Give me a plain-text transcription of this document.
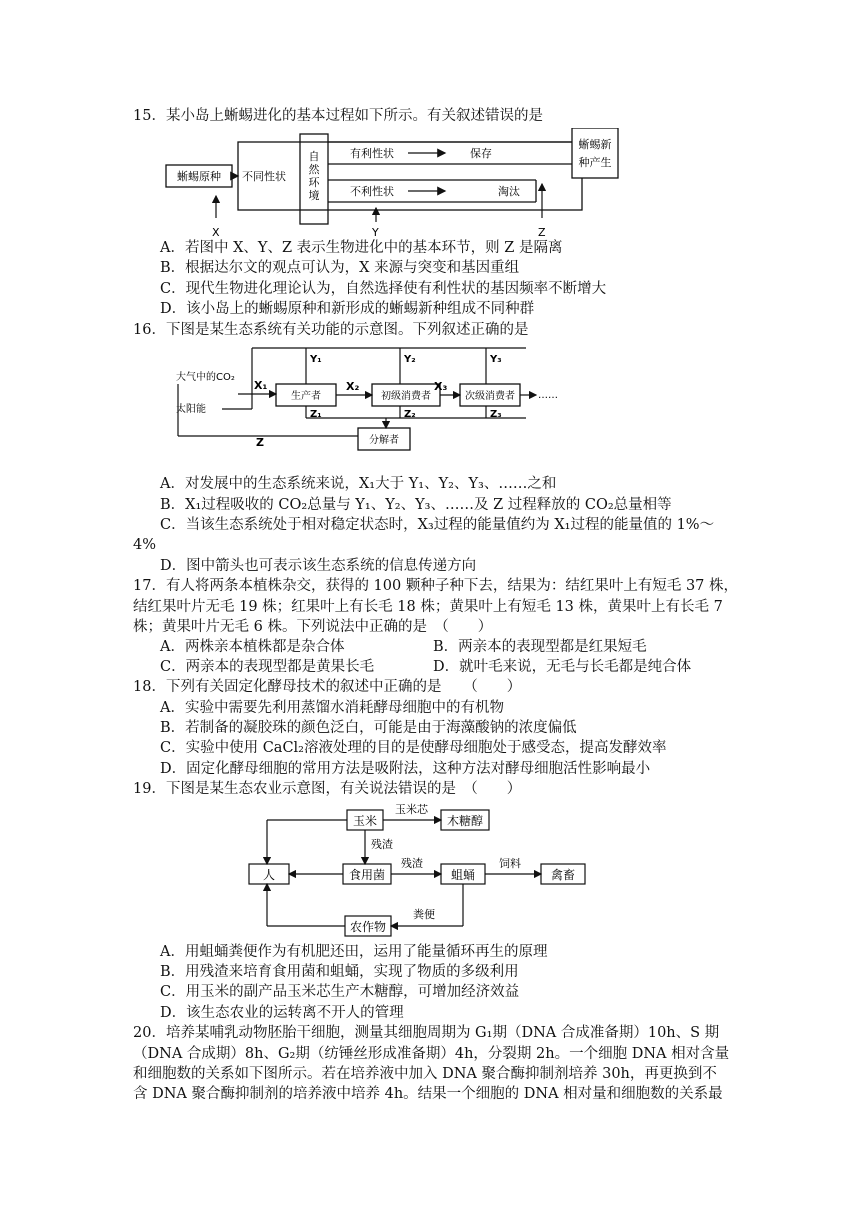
15．某小岛上蜥蜴进化的基本过程如下所示。有关叙述错误的是
蜥蜴原种 不同性状
自然环境
有利性状	保存
不利性状	淘汰
蜥蜴新
种产生
X	Y	Z
A．若图中 X、Y、Z 表示生物进化中的基本环节，则 Z 是隔离
B．根据达尔文的观点可认为，X 来源与突变和基因重组
C．现代生物进化理论认为，自然选择使有利性状的基因频率不断增大
D．该小岛上的蜥蜴原种和新形成的蜥蜴新种组成不同种群
16．下图是某生态系统有关功能的示意图。下列叙述正确的是
大气中的CO₂
太阳能
X₁
生产者
Y₁
Z₁
X₂
初级消费者
Y₂
Z₂
X₃
次级消费者
Y₃
Z₃
……
分解者
Z
A．对发展中的生态系统来说，X₁大于 Y₁、Y₂、Y₃、……之和
B．X₁过程吸收的 CO₂总量与 Y₁、Y₂、Y₃、……及 Z 过程释放的 CO₂总量相等
C．当该生态系统处于相对稳定状态时，X₃过程的能量值约为 X₁过程的能量值的 1%～
4%
D．图中箭头也可表示该生态系统的信息传递方向
17．有人将两条本植株杂交，获得的 100 颗种子种下去，结果为：结红果叶上有短毛 37 株，
结红果叶片无毛 19 株；红果叶上有长毛 18 株；黄果叶上有短毛 13 株，黄果叶上有长毛 7
株；黄果叶片无毛 6 株。下列说法中正确的是　（　　）
A．两株亲本植株都是杂合体	B．两亲本的表现型都是红果短毛
C．两亲本的表现型都是黄果长毛	D．就叶毛来说，无毛与长毛都是纯合体
18．下列有关固定化酵母技术的叙述中正确的是　　（　　）
A．实验中需要先利用蒸馏水消耗酵母细胞中的有机物
B．若制备的凝胶珠的颜色泛白，可能是由于海藻酸钠的浓度偏低
C．实验中使用 CaCl₂溶液处理的目的是使酵母细胞处于感受态，提高发酵效率
D．固定化酵母细胞的常用方法是吸附法，这种方法对酵母细胞活性影响最小
19．下图是某生态农业示意图，有关说法错误的是　（　　）
玉米
玉米芯
木糖醇
残渣
人	食用菌
残渣
蛆蛹
饲料
禽畜
粪便
农作物
A．用蛆蛹粪便作为有机肥还田，运用了能量循环再生的原理
B．用残渣来培育食用菌和蛆蛹，实现了物质的多级利用
C．用玉米的副产品玉米芯生产木糖醇，可增加经济效益
D．该生态农业的运转离不开人的管理
20．培养某哺乳动物胚胎干细胞，测量其细胞周期为 G₁期（DNA 合成准备期）10h、S 期
（DNA 合成期）8h、G₂期（纺锤丝形成准备期）4h，分裂期 2h。一个细胞 DNA 相对含量
和细胞数的关系如下图所示。若在培养液中加入 DNA 聚合酶抑制剂培养 30h，再更换到不
含 DNA 聚合酶抑制剂的培养液中培养 4h。结果一个细胞的 DNA 相对量和细胞数的关系最
